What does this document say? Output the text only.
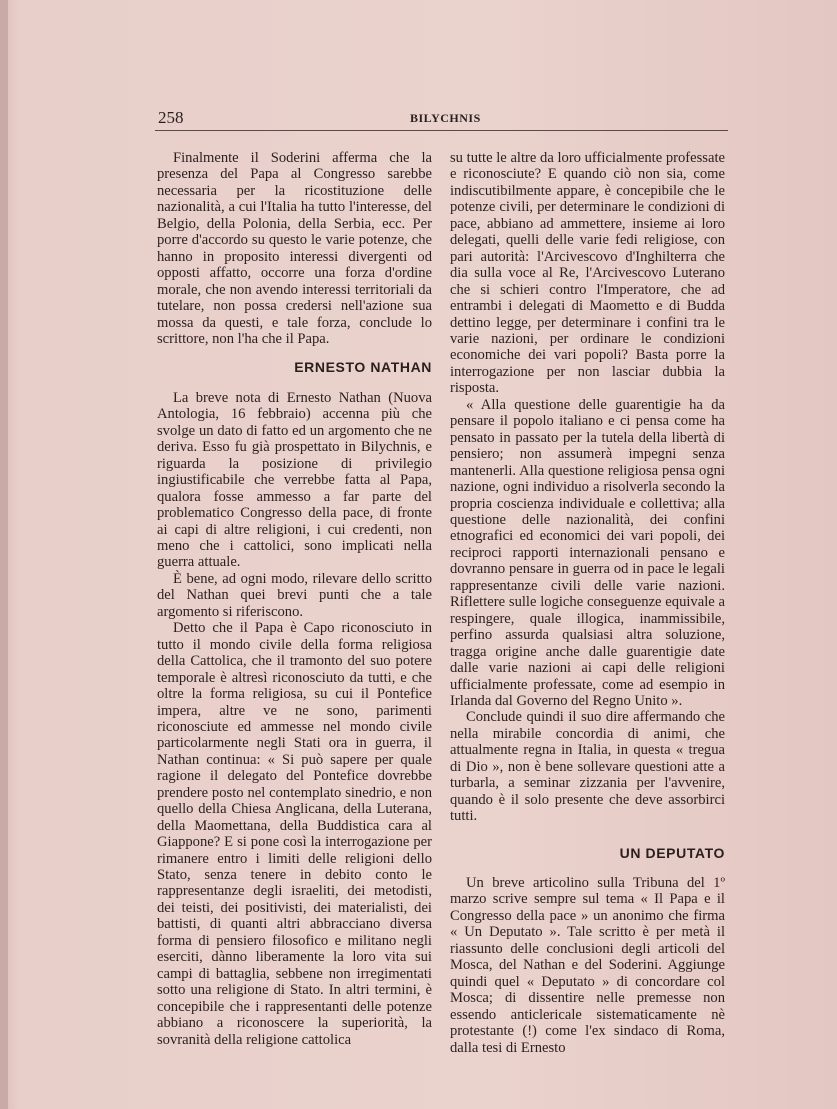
258	BILYCHNIS

Finalmente il Soderini afferma che la presenza del Papa al Congresso sarebbe necessaria per la ricostituzione delle nazionalità, a cui l'Italia ha tutto l'interesse, del Belgio, della Polonia, della Serbia, ecc. Per porre d'accordo su questo le varie potenze, che hanno in proposito interessi divergenti od opposti affatto, occorre una forza d'ordine morale, che non avendo interessi territoriali da tutelare, non possa credersi nell'azione sua mossa da questi, e tale forza, conclude lo scrittore, non l'ha che il Papa.

ERNESTO NATHAN

La breve nota di Ernesto Nathan (Nuova Antologia, 16 febbraio) accenna più che svolge un dato di fatto ed un argomento che ne deriva. Esso fu già prospettato in Bilychnis, e riguarda la posizione di privilegio ingiustificabile che verrebbe fatta al Papa, qualora fosse ammesso a far parte del problematico Congresso della pace, di fronte ai capi di altre religioni, i cui credenti, non meno che i cattolici, sono implicati nella guerra attuale.

È bene, ad ogni modo, rilevare dello scritto del Nathan quei brevi punti che a tale argomento si riferiscono.

Detto che il Papa è Capo riconosciuto in tutto il mondo civile della forma religiosa della Cattolica, che il tramonto del suo potere temporale è altresì riconosciuto da tutti, e che oltre la forma religiosa, su cui il Pontefice impera, altre ve ne sono, parimenti riconosciute ed ammesse nel mondo civile particolarmente negli Stati ora in guerra, il Nathan continua: « Si può sapere per quale ragione il delegato del Pontefice dovrebbe prendere posto nel contemplato sinedrio, e non quello della Chiesa Anglicana, della Luterana, della Maomettana, della Buddistica cara al Giappone? E si pone così la interrogazione per rimanere entro i limiti delle religioni dello Stato, senza tenere in debito conto le rappresentanze degli israeliti, dei metodisti, dei teisti, dei positivisti, dei materialisti, dei battisti, di quanti altri abbracciano diversa forma di pensiero filosofico e militano negli eserciti, dànno liberamente la loro vita sui campi di battaglia, sebbene non irregimentati sotto una religione di Stato. In altri termini, è concepibile che i rappresentanti delle potenze abbiano a riconoscere la superiorità, la sovranità della religione cattolica

su tutte le altre da loro ufficialmente professate e riconosciute? E quando ciò non sia, come indiscutibilmente appare, è concepibile che le potenze civili, per determinare le condizioni di pace, abbiano ad ammettere, insieme ai loro delegati, quelli delle varie fedi religiose, con pari autorità: l'Arcivescovo d'Inghilterra che dia sulla voce al Re, l'Arcivescovo Luterano che si schieri contro l'Imperatore, che ad entrambi i delegati di Maometto e di Budda dettino legge, per determinare i confini tra le varie nazioni, per ordinare le condizioni economiche dei vari popoli? Basta porre la interrogazione per non lasciar dubbia la risposta.

« Alla questione delle guarentigie ha da pensare il popolo italiano e ci pensa come ha pensato in passato per la tutela della libertà di pensiero; non assumerà impegni senza mantenerli. Alla questione religiosa pensa ogni nazione, ogni individuo a risolverla secondo la propria coscienza individuale e collettiva; alla questione delle nazionalità, dei confini etnografici ed economici dei vari popoli, dei reciproci rapporti internazionali pensano e dovranno pensare in guerra od in pace le legali rappresentanze civili delle varie nazioni. Riflettere sulle logiche conseguenze equivale a respingere, quale illogica, inammissibile, perfino assurda qualsiasi altra soluzione, tragga origine anche dalle guarentigie date dalle varie nazioni ai capi delle religioni ufficialmente professate, come ad esempio in Irlanda dal Governo del Regno Unito ».

Conclude quindi il suo dire affermando che nella mirabile concordia di animi, che attualmente regna in Italia, in questa « tregua di Dio », non è bene sollevare questioni atte a turbarla, a seminar zizzania per l'avvenire, quando è il solo presente che deve assorbirci tutti.

UN DEPUTATO

Un breve articolino sulla Tribuna del 1º marzo scrive sempre sul tema « Il Papa e il Congresso della pace » un anonimo che firma « Un Deputato ». Tale scritto è per metà il riassunto delle conclusioni degli articoli del Mosca, del Nathan e del Soderini. Aggiunge quindi quel « Deputato » di concordare col Mosca; di dissentire nelle premesse non essendo anticlericale sistematicamente nè protestante (!) come l'ex sindaco di Roma, dalla tesi di Ernesto
